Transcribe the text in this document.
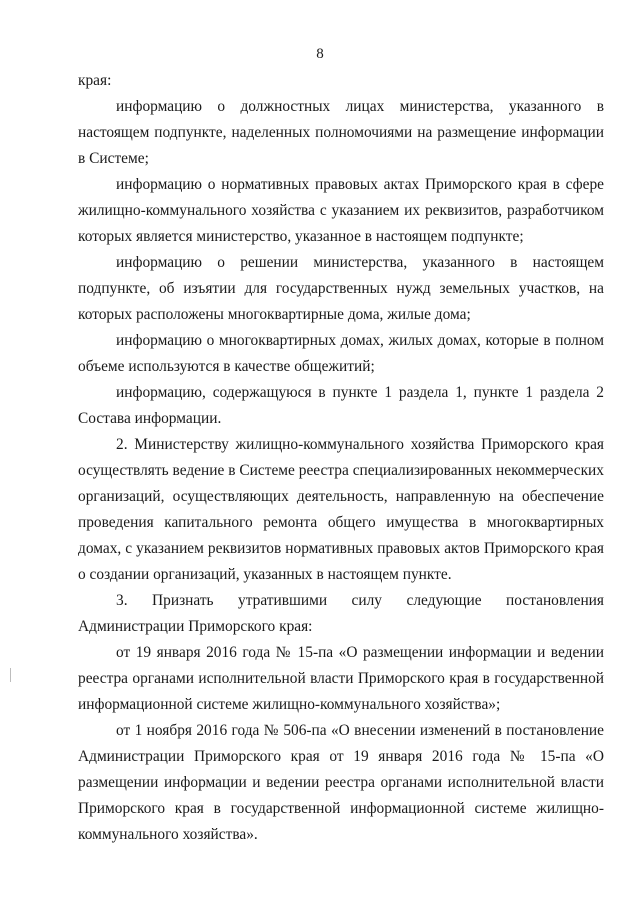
8

края:

информацию о должностных лицах министерства, указанного в настоящем подпункте, наделенных полномочиями на размещение информации в Системе;

информацию о нормативных правовых актах Приморского края в сфере жилищно-коммунального хозяйства с указанием их реквизитов, разработчиком которых является министерство, указанное в настоящем подпункте;

информацию о решении министерства, указанного в настоящем подпункте, об изъятии для государственных нужд земельных участков, на которых расположены многоквартирные дома, жилые дома;

информацию о многоквартирных домах, жилых домах, которые в полном объеме используются в качестве общежитий;

информацию, содержащуюся в пункте 1 раздела 1, пункте 1 раздела 2 Состава информации.

2. Министерству жилищно-коммунального хозяйства Приморского края осуществлять ведение в Системе реестра специализированных некоммерческих организаций, осуществляющих деятельность, направленную на обеспечение проведения капитального ремонта общего имущества в многоквартирных домах, с указанием реквизитов нормативных правовых актов Приморского края о создании организаций, указанных в настоящем пункте.

3. Признать утратившими силу следующие постановления Администрации Приморского края:

от 19 января 2016 года № 15-па «О размещении информации и ведении реестра органами исполнительной власти Приморского края в государственной информационной системе жилищно-коммунального хозяйства»;

от 1 ноября 2016 года № 506-па «О внесении изменений в постановление Администрации Приморского края от 19 января 2016 года № 15-па «О размещении информации и ведении реестра органами исполнительной власти Приморского края в государственной информационной системе жилищно-коммунального хозяйства».
